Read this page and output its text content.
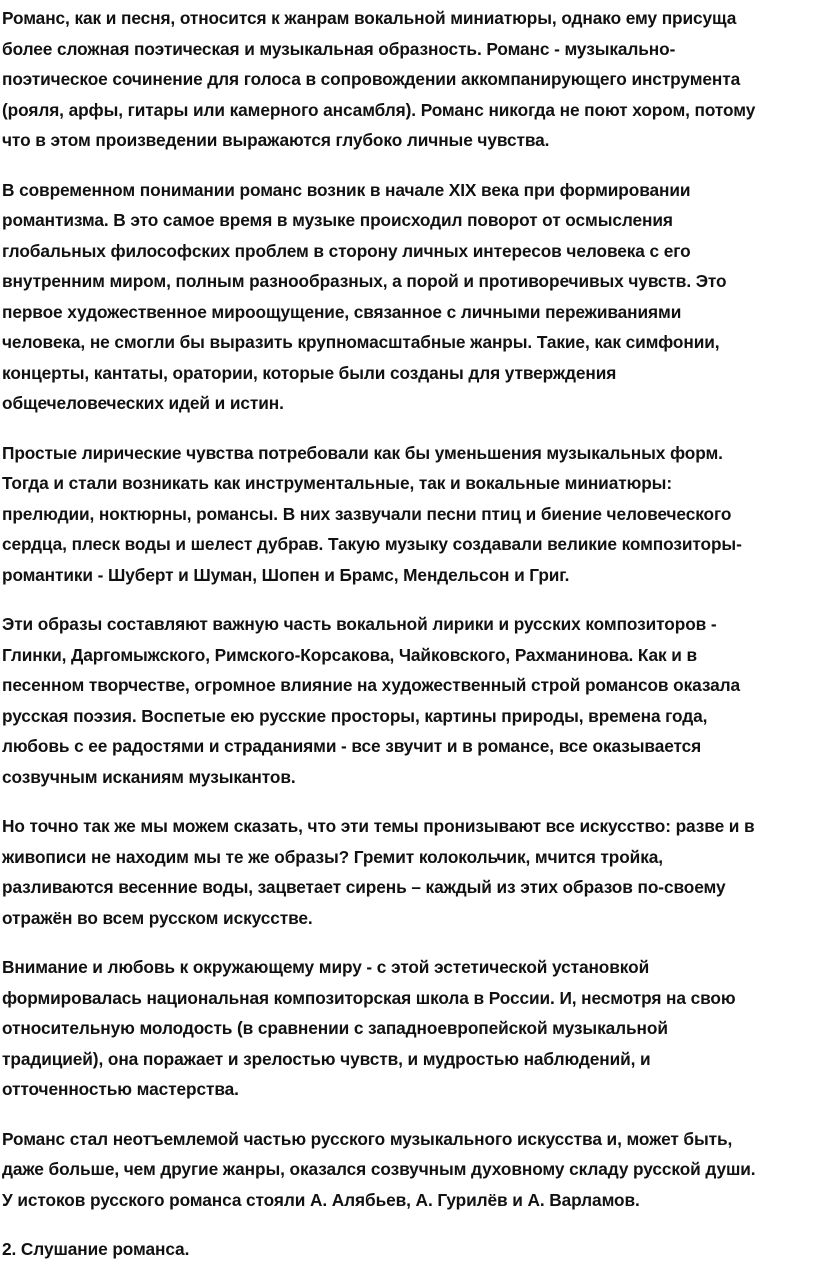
Романс, как и песня, относится к жанрам вокальной миниатюры, однако ему присуща
более сложная поэтическая и музыкальная образность. Романс - музыкально-
поэтическое сочинение для голоса в сопровождении аккомпанирующего инструмента
(рояля, арфы, гитары или камерного ансамбля). Романс никогда не поют хором, потому
что в этом произведении выражаются глубоко личные чувства.

В современном понимании романс возник в начале XIX века при формировании
романтизма. В это самое время в музыке происходил поворот от осмысления
глобальных философских проблем в сторону личных интересов человека с его
внутренним миром, полным разнообразных, а порой и противоречивых чувств. Это
первое художественное мироощущение, связанное с личными переживаниями
человека, не смогли бы выразить крупномасштабные жанры. Такие, как симфонии,
концерты, кантаты, оратории, которые были созданы для утверждения
общечеловеческих идей и истин.

Простые лирические чувства потребовали как бы уменьшения музыкальных форм.
Тогда и стали возникать как инструментальные, так и вокальные миниатюры:
прелюдии, ноктюрны, романсы. В них зазвучали песни птиц и биение человеческого
сердца, плеск воды и шелест дубрав. Такую музыку создавали великие композиторы-
романтики - Шуберт и Шуман, Шопен и Брамс, Мендельсон и Григ.

Эти образы составляют важную часть вокальной лирики и русских композиторов -
Глинки, Даргомыжского, Римского-Корсакова, Чайковского, Рахманинова. Как и в
песенном творчестве, огромное влияние на художественный строй романсов оказала
русская поэзия. Воспетые ею русские просторы, картины природы, времена года,
любовь с ее радостями и страданиями - все звучит и в романсе, все оказывается
созвучным исканиям музыкантов.

Но точно так же мы можем сказать, что эти темы пронизывают все искусство: разве и в
живописи не находим мы те же образы? Гремит колокольчик, мчится тройка,
разливаются весенние воды, зацветает сирень – каждый из этих образов по-своему
отражён во всем русском искусстве.

Внимание и любовь к окружающему миру - с этой эстетической установкой
формировалась национальная композиторская школа в России. И, несмотря на свою
относительную молодость (в сравнении с западноевропейской музыкальной
традицией), она поражает и зрелостью чувств, и мудростью наблюдений, и
отточенностью мастерства.

Романс стал неотъемлемой частью русского музыкального искусства и, может быть,
даже больше, чем другие жанры, оказался созвучным духовному складу русской души.
У истоков русского романса стояли А. Алябьев, А. Гурилёв и А. Варламов.

2. Слушание романса.
